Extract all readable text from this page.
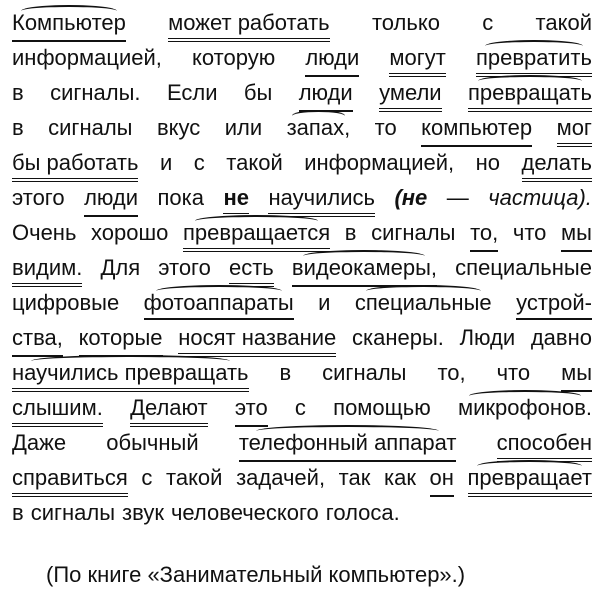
Компьютер может работать только с такой
информацией, которую люди могут превратить
в сигналы. Если бы люди умели превращать
в сигналы вкус или запах, то компьютер мог
бы работать и с такой информацией, но делать
этого люди пока не научились (не — частица).
Очень хорошо превращается в сигналы то, что мы
видим. Для этого есть видеокамеры, специальные
цифровые фотоаппараты и специальные устрой-
ства, которые носят название сканеры. Люди давно
научились превращать в сигналы то, что мы
слышим. Делают это с помощью микрофонов.
Даже обычный телефонный аппарат способен
справиться с такой задачей, так как он превращает
в сигналы звук человеческого голоса.
(По книге «Занимательный компьютер».)
